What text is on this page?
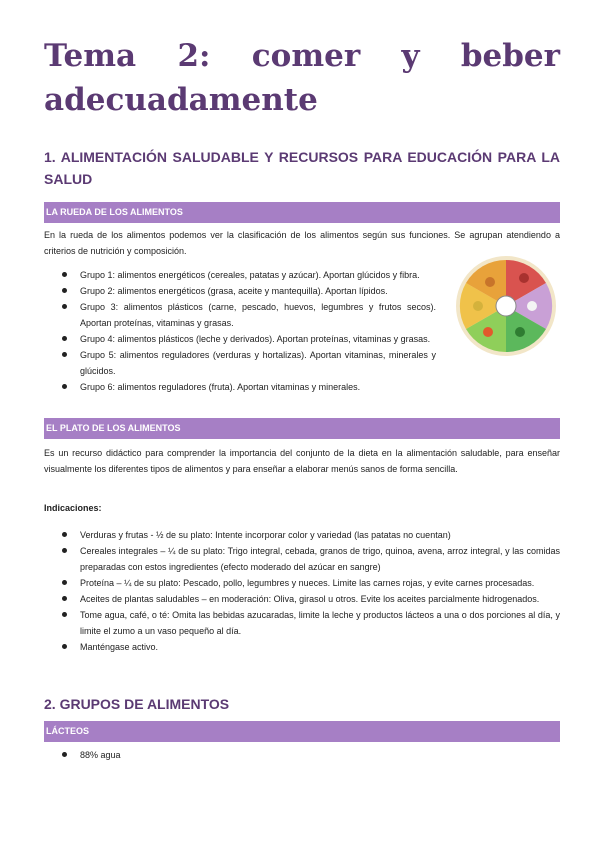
Tema 2: comer y beber
adecuadamente
1. ALIMENTACIÓN SALUDABLE Y RECURSOS PARA EDUCACIÓN PARA LA SALUD
LA RUEDA DE LOS ALIMENTOS

En la rueda de los alimentos podemos ver la clasificación de los alimentos según sus funciones. Se agrupan atendiendo a criterios de nutrición y composición.

Grupo 1: alimentos energéticos (cereales, patatas y azúcar). Aportan glúcidos y fibra.
Grupo 2: alimentos energéticos (grasa, aceite y mantequilla). Aportan lípidos.
Grupo 3: alimentos plásticos (carne, pescado, huevos, legumbres y frutos secos). Aportan proteínas, vitaminas y grasas.
Grupo 4: alimentos plásticos (leche y derivados). Aportan proteínas, vitaminas y grasas.
Grupo 5: alimentos reguladores (verduras y hortalizas). Aportan vitaminas, minerales y glúcidos.
Grupo 6: alimentos reguladores (fruta). Aportan vitaminas y minerales.
EL PLATO DE LOS ALIMENTOS

Es un recurso didáctico para comprender la importancia del conjunto de la dieta en la alimentación saludable, para enseñar visualmente los diferentes tipos de alimentos y para enseñar a elaborar menús sanos de forma sencilla.

Indicaciones:

Verduras y frutas - ½ de su plato: Intente incorporar color y variedad (las patatas no cuentan)
Cereales integrales – ¼ de su plato: Trigo integral, cebada, granos de trigo, quinoa, avena, arroz integral, y las comidas preparadas con estos ingredientes (efecto moderado del azúcar en sangre)
Proteína – ¼ de su plato: Pescado, pollo, legumbres y nueces. Limite las carnes rojas, y evite carnes procesadas.
Aceites de plantas saludables – en moderación: Oliva, girasol u otros. Evite los aceites parcialmente hidrogenados.
Tome agua, café, o té: Omita las bebidas azucaradas, limite la leche y productos lácteos a una o dos porciones al día, y limite el zumo a un vaso pequeño al día.
Manténgase activo.
2. GRUPOS DE ALIMENTOS
LÁCTEOS
88% agua
